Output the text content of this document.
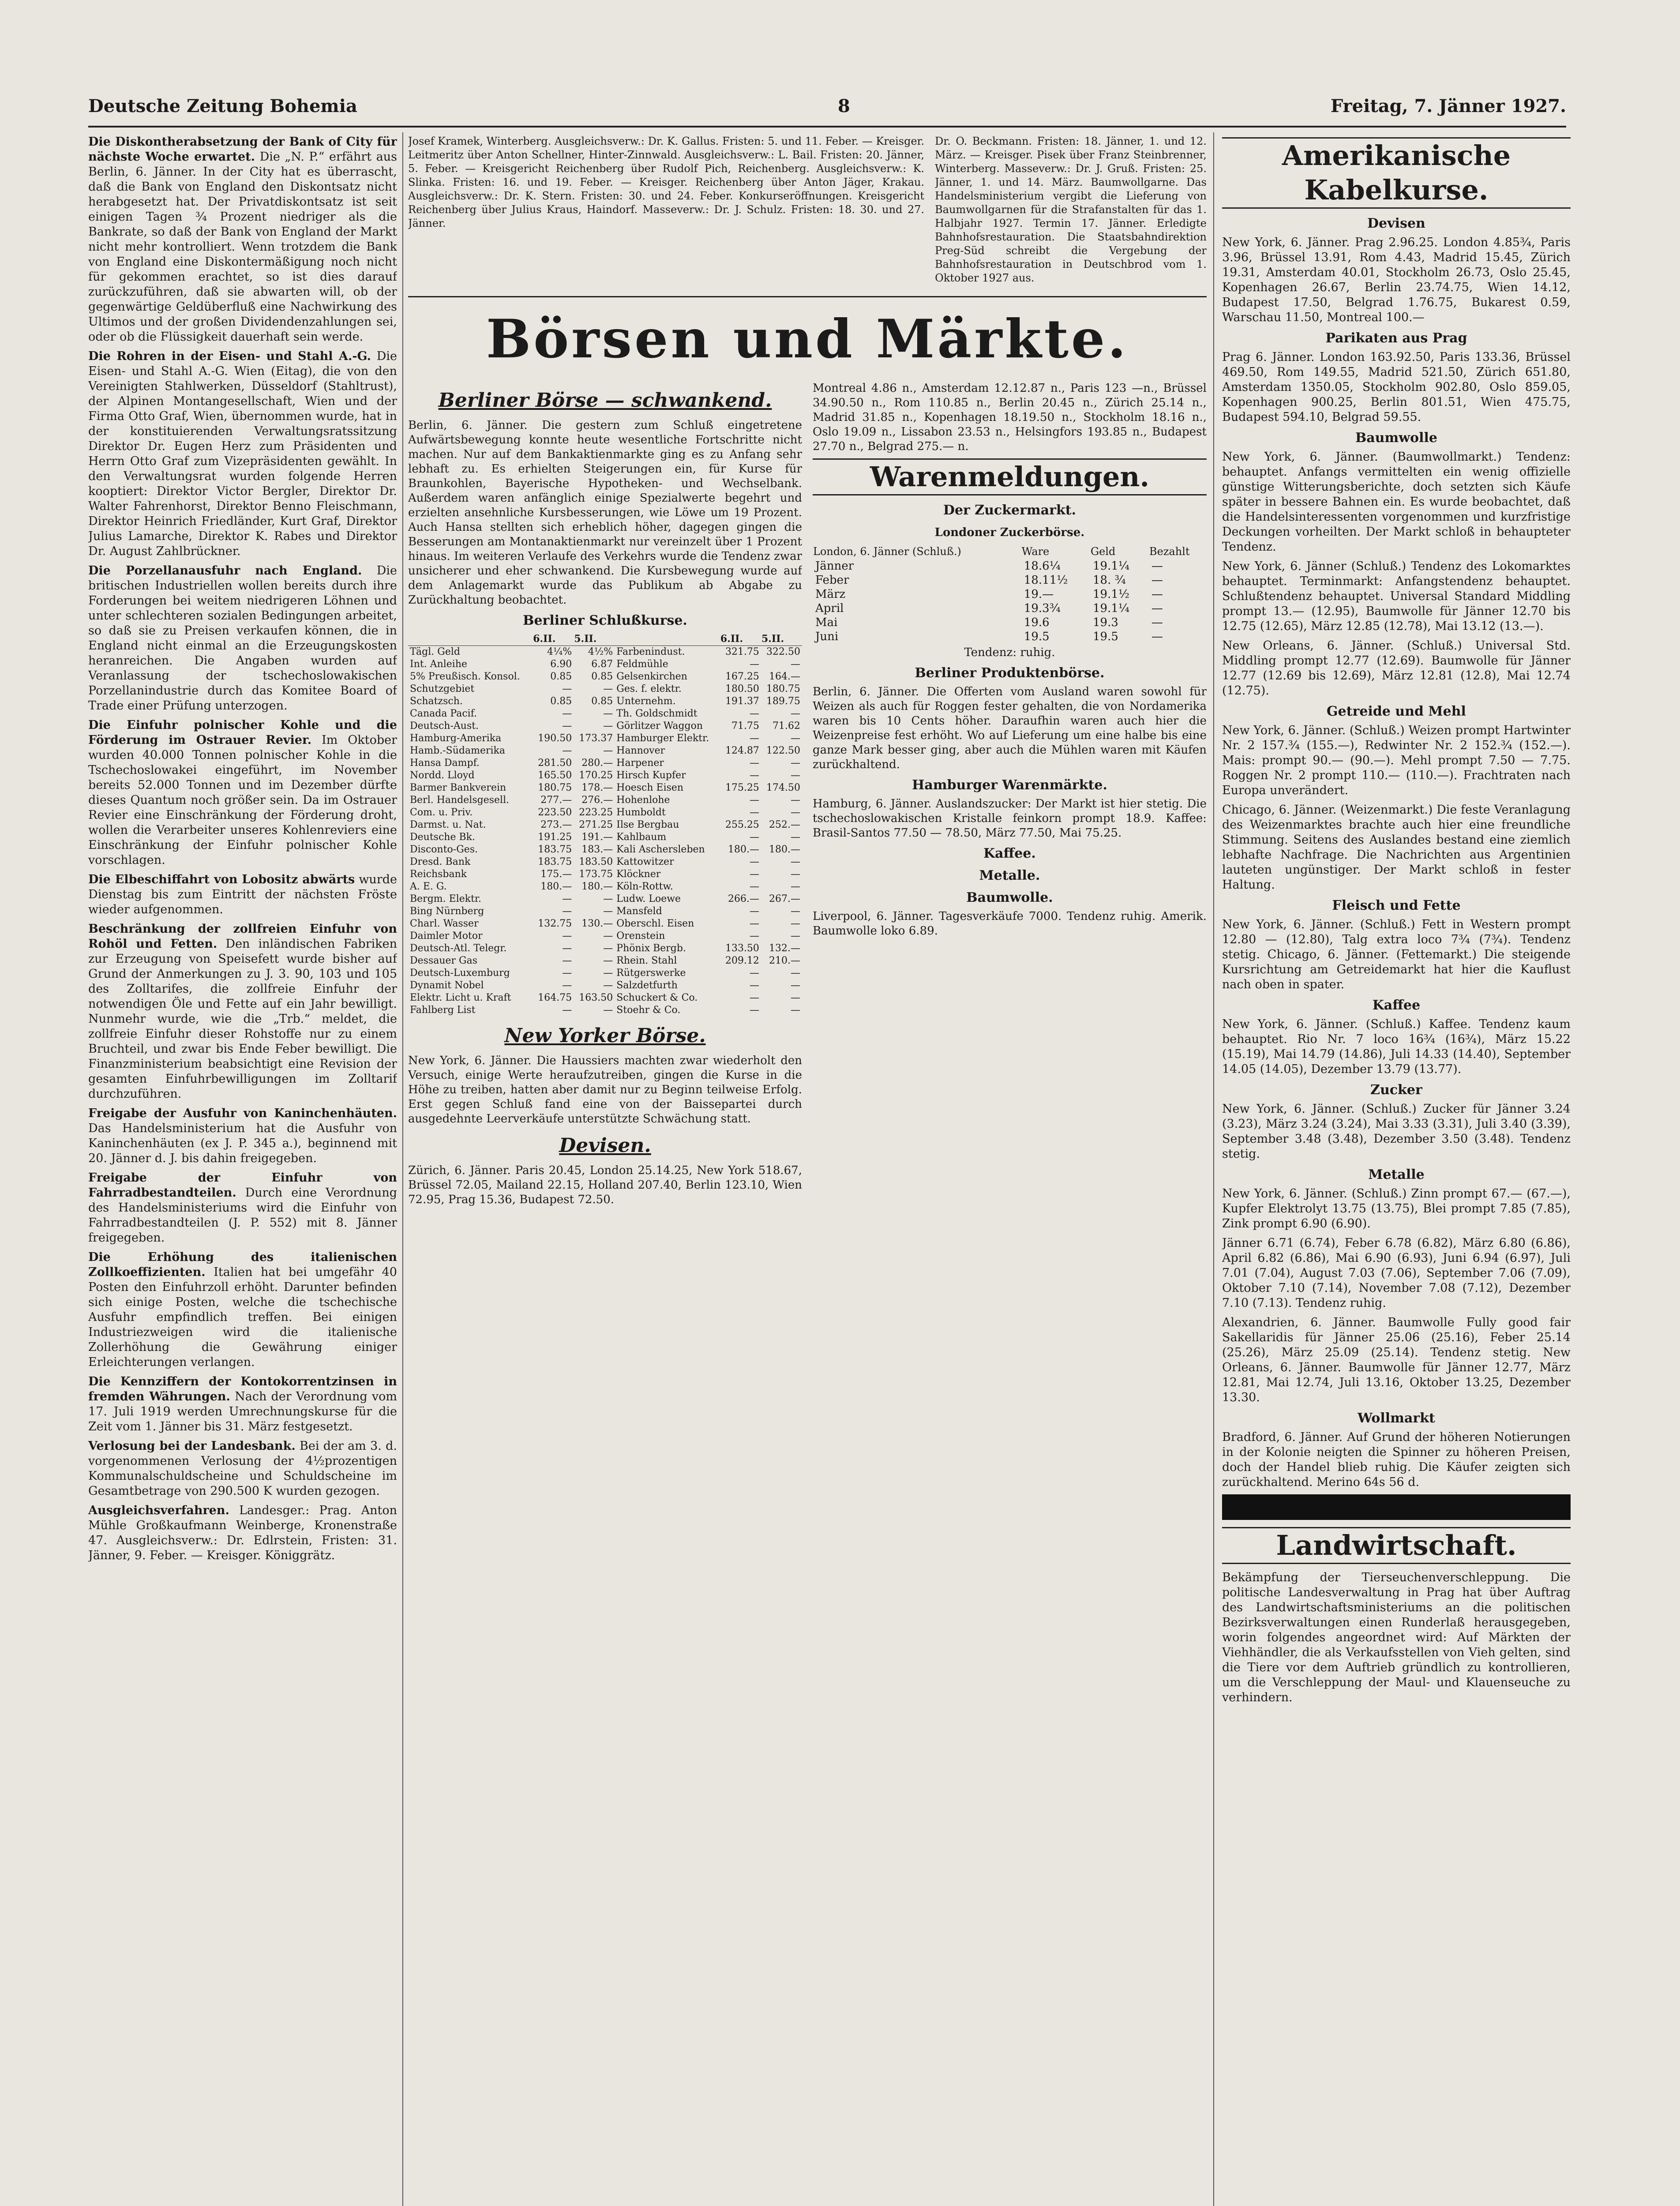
Deutsche Zeitung Bohemia	8	Freitag, 7. Jänner 1927.
Die Diskontherabsetzung der Bank of City für nächste Woche erwartet. Die „N. P.“ erfährt aus Berlin, 6. Jänner. In der City hat es überrascht, daß die Bank von England den Diskontsatz nicht herabgesetzt hat. Der Privatdiskontsatz ist seit einigen Tagen ¾ Prozent niedriger als die Bankrate, so daß der Bank von England der Markt nicht mehr kontrolliert. Wenn trotzdem die Bank von England eine Diskontermäßigung noch nicht für gekommen erachtet, so ist dies darauf zurückzuführen, daß sie abwarten will, ob der gegenwärtige Geldüberfluß eine Nachwirkung des Ultimos und der großen Dividendenzahlungen sei, oder ob die Flüssigkeit dauerhaft sein werde.
Die Rohren in der Eisen- und Stahl A.-G. Die Eisen- und Stahl A.-G. Wien (Eitag), die von den Vereinigten Stahlwerken, Düsseldorf (Stahltrust), der Alpinen Montangesellschaft, Wien und der Firma Otto Graf, Wien, übernommen wurde, hat in der konstituierenden Verwaltungsratssitzung Direktor Dr. Eugen Herz zum Präsidenten und Herrn Otto Graf zum Vizepräsidenten gewählt. In den Verwaltungsrat wurden folgende Herren kooptiert: Direktor Victor Bergler, Direktor Dr. Walter Fahrenhorst, Direktor Benno Fleischmann, Direktor Heinrich Friedländer, Kurt Graf, Direktor Julius Lamarche, Direktor K. Rabes und Direktor Dr. August Zahlbrückner.
Die Porzellanausfuhr nach England. Die britischen Industriellen wollen bereits durch ihre Forderungen bei weitem niedrigeren Löhnen und unter schlechteren sozialen Bedingungen arbeitet, so daß sie zu Preisen verkaufen können, die in England nicht einmal an die Erzeugungskosten heranreichen. Die Angaben wurden auf Veranlassung der tschechoslowakischen Porzellanindustrie durch das Komitee Board of Trade einer Prüfung unterzogen.
Die Einfuhr polnischer Kohle und die Förderung im Ostrauer Revier. Im Oktober wurden 40.000 Tonnen polnischer Kohle in die Tschechoslowakei eingeführt, im November bereits 52.000 Tonnen und im Dezember dürfte dieses Quantum noch größer sein. Da im Ostrauer Revier eine Einschränkung der Förderung droht, wollen die Verarbeiter unseres Kohlenreviers eine Einschränkung der Einfuhr polnischer Kohle vorschlagen.
Die Elbeschiffahrt von Lobositz abwärts wurde Dienstag bis zum Eintritt der nächsten Fröste wieder aufgenommen.
Beschränkung der zollfreien Einfuhr von Rohöl und Fetten. Den inländischen Fabriken zur Erzeugung von Speisefett wurde bisher auf Grund der Anmerkungen zu J. 3. 90, 103 und 105 des Zolltarifes, die zollfreie Einfuhr der notwendigen Öle und Fette auf ein Jahr bewilligt. Nunmehr wurde, wie die „Trb.“ meldet, die zollfreie Einfuhr dieser Rohstoffe nur zu einem Bruchteil, und zwar bis Ende Feber bewilligt. Die Finanzministerium beabsichtigt eine Revision der gesamten Einfuhrbewilligungen im Zolltarif durchzuführen.
Freigabe der Ausfuhr von Kaninchenhäuten. Das Handelsministerium hat die Ausfuhr von Kaninchenhäuten (ex J. P. 345 a.), beginnend mit 20. Jänner d. J. bis dahin freigegeben.
Freigabe der Einfuhr von Fahrradbestandteilen. Durch eine Verordnung des Handelsministeriums wird die Einfuhr von Fahrradbestandteilen (J. P. 552) mit 8. Jänner freigegeben.
Die Erhöhung des italienischen Zollkoeffizienten. Italien hat bei umgefähr 40 Posten den Einfuhrzoll erhöht. Darunter befinden sich einige Posten, welche die tschechische Ausfuhr empfindlich treffen. Bei einigen Industriezweigen wird die italienische Zollerhöhung die Gewährung einiger Erleichterungen verlangen.
Die Kennziffern der Kontokorrentzinsen in fremden Währungen. Nach der Verordnung vom 17. Juli 1919 werden Umrechnungskurse für die Zeit vom 1. Jänner bis 31. März festgesetzt.
Verlosung bei der Landesbank. Bei der am 3. d. vorgenommenen Verlosung der 4½prozentigen Kommunalschuldscheine und Schuldscheine im Gesamtbetrage von 290.500 K wurden gezogen.
Ausgleichsverfahren. Landesger.: Prag. Anton Mühle Großkaufmann Weinberge, Kronenstraße 47. Ausgleichsverw.: Dr. Edlrstein, Fristen: 31. Jänner, 9. Feber. — Kreisger. Königgrätz.
Josef Kramek, Winterberg. Ausgleichsverw.: Dr. K. Gallus. Fristen: 5. und 11. Feber. — Kreisger. Leitmeritz über Anton Schellner, Hinter-Zinnwald. Ausgleichsverw.: L. Bail. Fristen: 20. Jänner, 5. Feber. — Kreisgericht Reichenberg über Rudolf Pich, Reichenberg. Ausgleichsverw.: K. Slinka. Fristen: 16. und 19. Feber. — Kreisger. Reichenberg über Anton Jäger, Krakau. Ausgleichsverw.: Dr. K. Stern. Fristen: 30. und 24. Feber. Konkurseröffnungen. Kreisgericht Reichenberg über Julius Kraus, Haindorf. Masseverw.: Dr. J. Schulz. Fristen: 18. 30. und 27. Jänner.
Dr. O. Beckmann. Fristen: 18. Jänner, 1. und 12. März. — Kreisger. Pisek über Franz Steinbrenner, Winterberg. Masseverw.: Dr. J. Gruß. Fristen: 25. Jänner, 1. und 14. März. Baumwollgarne. Das Handelsministerium vergibt die Lieferung von Baumwollgarnen für die Strafanstalten für das 1. Halbjahr 1927. Termin 17. Jänner. Erledigte Bahnhofsrestauration. Die Staatsbahndirektion Preg-Süd schreibt die Vergebung der Bahnhofsrestauration in Deutschbrod vom 1. Oktober 1927 aus.
Börsen und Märkte.
Berliner Börse — schwankend.
Berlin, 6. Jänner. Die gestern zum Schluß eingetretene Aufwärtsbewegung konnte heute wesentliche Fortschritte nicht machen. Nur auf dem Bankaktienmarkte ging es zu Anfang sehr lebhaft zu. Es erhielten Steigerungen ein, für Kurse für Braunkohlen, Bayerische Hypotheken- und Wechselbank. Außerdem waren anfänglich einige Spezialwerte begehrt und erzielten ansehnliche Kursbesserungen, wie Löwe um 19 Prozent. Auch Hansa stellten sich erheblich höher, dagegen gingen die Besserungen am Montanaktienmarkt nur vereinzelt über 1 Prozent hinaus. Im weiteren Verlaufe des Verkehrs wurde die Tendenz zwar unsicherer und eher schwankend. Die Kursbewegung wurde auf dem Anlagemarkt wurde das Publikum ab Abgabe zu Zurückhaltung beobachtet.
Berliner Schlußkurse.
	6.II.	5.II.		6.II.	5.II.
Tägl. Geld	4¼%	4½%	Farbenindust.	321.75	322.50
Int. Anleihe	6.90	6.87	Feldmühle	—	—
5% Preußisch. Konsol.	0.85	0.85	Gelsenkirchen	167.25	164.—
Schutzgebiet	—	—	Ges. f. elektr.	180.50	180.75
Schatzsch.	0.85	0.85	Unternehm.	191.37	189.75
Canada Pacif.	—	—	Th. Goldschmidt	—	—
Deutsch-Aust.	—	—	Görlitzer Waggon	71.75	71.62
Hamburg-Amerika	190.50	173.37	Hamburger Elektr.	—	—
Hamb.-Südamerika	—	—	Hannover	124.87	122.50
Hansa Dampf.	281.50	280.—	Harpener	—	—
Nordd. Lloyd	165.50	170.25	Hirsch Kupfer	—	—
Barmer Bankverein	180.75	178.—	Hoesch Eisen	175.25	174.50
Berl. Handelsgesell.	277.—	276.—	Hohenlohe	—	—
Com. u. Priv.	223.50	223.25	Humboldt	—	—
Darmst. u. Nat.	273.—	271.25	Ilse Bergbau	255.25	252.—
Deutsche Bk.	191.25	191.—	Kahlbaum	—	—
Disconto-Ges.	183.75	183.—	Kali Aschersleben	180.—	180.—
Dresd. Bank	183.75	183.50	Kattowitzer	—	—
Reichsbank	175.—	173.75	Klöckner	—	—
A. E. G.	180.—	180.—	Köln-Rottw.	—	—
Bergm. Elektr.	—	—	Ludw. Loewe	266.—	267.—
Bing Nürnberg	—	—	Mansfeld	—	—
Charl. Wasser	132.75	130.—	Oberschl. Eisen	—	—
Daimler Motor	—	—	Orenstein	—	—
Deutsch-Atl. Telegr.	—	—	Phönix Bergb.	133.50	132.—
Dessauer Gas	—	—	Rhein. Stahl	209.12	210.—
Deutsch-Luxemburg	—	—	Rütgerswerke	—	—
Dynamit Nobel	—	—	Salzdetfurth	—	—
Elektr. Licht u. Kraft	164.75	163.50	Schuckert & Co.	—	—
Fahlberg List	—	—	Stoehr & Co.	—	—
New Yorker Börse.
New York, 6. Jänner. Die Haussiers machten zwar wiederholt den Versuch, einige Werte heraufzutreiben, gingen die Kurse in die Höhe zu treiben, hatten aber damit nur zu Beginn teilweise Erfolg. Erst gegen Schluß fand eine von der Baissepartei durch ausgedehnte Leerverkäufe unterstützte Schwächung statt.
Devisen.
Zürich, 6. Jänner. Paris 20.45, London 25.14.25, New York 518.67, Brüssel 72.05, Mailand 22.15, Holland 207.40, Berlin 123.10, Wien 72.95, Prag 15.36, Budapest 72.50.
Montreal 4.86 n., Amsterdam 12.12.87 n., Paris 123 —n., Brüssel 34.90.50 n., Rom 110.85 n., Berlin 20.45 n., Zürich 25.14 n., Madrid 31.85 n., Kopenhagen 18.19.50 n., Stockholm 18.16 n., Oslo 19.09 n., Lissabon 23.53 n., Helsingfors 193.85 n., Budapest 27.70 n., Belgrad 275.— n.
Warenmeldungen.
Der Zuckermarkt.
Londoner Zuckerbörse.
London, 6. Jänner (Schluß.)	Ware	Geld	Bezahlt
Jänner	18.6¼	19.1¼	—
Feber	18.11½	18. ¾	—
März	19.—	19.1½	—
April	19.3¾	19.1¼	—
Mai	19.6	19.3	—
Juni	19.5	19.5	—
Tendenz: ruhig.
Berliner Produktenbörse.
Berlin, 6. Jänner. Die Offerten vom Ausland waren sowohl für Weizen als auch für Roggen fester gehalten, die von Nordamerika waren bis 10 Cents höher. Daraufhin waren auch hier die Weizenpreise fest erhöht. Wo auf Lieferung um eine halbe bis eine ganze Mark besser ging, aber auch die Mühlen waren mit Käufen zurückhaltend.
Hamburger Warenmärkte.
Hamburg, 6. Jänner. Auslandszucker: Der Markt ist hier stetig. Die tschechoslowakischen Kristalle feinkorn prompt 18.9. Kaffee: Brasil-Santos 77.50 — 78.50, März 77.50, Mai 75.25.
Kaffee.
Metalle.
Baumwolle.
Liverpool, 6. Jänner. Tagesverkäufe 7000. Tendenz ruhig. Amerik. Baumwolle loko 6.89.
Amerikanische Kabelkurse.
Devisen
New York, 6. Jänner. Prag 2.96.25. London 4.85¾, Paris 3.96, Brüssel 13.91, Rom 4.43, Madrid 15.45, Zürich 19.31, Amsterdam 40.01, Stockholm 26.73, Oslo 25.45, Kopenhagen 26.67, Berlin 23.74.75, Wien 14.12, Budapest 17.50, Belgrad 1.76.75, Bukarest 0.59, Warschau 11.50, Montreal 100.—
Parikaten aus Prag
Prag 6. Jänner. London 163.92.50, Paris 133.36, Brüssel 469.50, Rom 149.55, Madrid 521.50, Zürich 651.80, Amsterdam 1350.05, Stockholm 902.80, Oslo 859.05, Kopenhagen 900.25, Berlin 801.51, Wien 475.75, Budapest 594.10, Belgrad 59.55.
Baumwolle
New York, 6. Jänner. (Baumwollmarkt.) Tendenz: behauptet. Anfangs vermittelten ein wenig offizielle günstige Witterungsberichte, doch setzten sich Käufe später in bessere Bahnen ein. Es wurde beobachtet, daß die Handelsinteressenten vorgenommen und kurzfristige Deckungen vorheilten. Der Markt schloß in behaupteter Tendenz.
New York, 6. Jänner (Schluß.) Tendenz des Lokomarktes behauptet. Terminmarkt: Anfangstendenz behauptet. Schlußtendenz behauptet. Universal Standard Middling prompt 13.— (12.95), Baumwolle für Jänner 12.70 bis 12.75 (12.65), März 12.85 (12.78), Mai 13.12 (13.—).
New Orleans, 6. Jänner. (Schluß.) Universal Std. Middling prompt 12.77 (12.69). Baumwolle für Jänner 12.77 (12.69 bis 12.69), März 12.81 (12.8), Mai 12.74 (12.75).
Getreide und Mehl
New York, 6. Jänner. (Schluß.) Weizen prompt Hartwinter Nr. 2 157.¾ (155.—), Redwinter Nr. 2 152.¾ (152.—). Mais: prompt 90.— (90.—). Mehl prompt 7.50 — 7.75. Roggen Nr. 2 prompt 110.— (110.—). Frachtraten nach Europa unverändert.
Chicago, 6. Jänner. (Weizenmarkt.) Die feste Veranlagung des Weizenmarktes brachte auch hier eine freundliche Stimmung. Seitens des Auslandes bestand eine ziemlich lebhafte Nachfrage. Die Nachrichten aus Argentinien lauteten ungünstiger. Der Markt schloß in fester Haltung.
Fleisch und Fette
New York, 6. Jänner. (Schluß.) Fett in Western prompt 12.80 — (12.80), Talg extra loco 7¾ (7¾). Tendenz stetig. Chicago, 6. Jänner. (Fettemarkt.) Die steigende Kursrichtung am Getreidemarkt hat hier die Kauflust nach oben in spater.
Kaffee
New York, 6. Jänner. (Schluß.) Kaffee. Tendenz kaum behauptet. Rio Nr. 7 loco 16¾ (16¾), März 15.22 (15.19), Mai 14.79 (14.86), Juli 14.33 (14.40), September 14.05 (14.05), Dezember 13.79 (13.77).
Zucker
New York, 6. Jänner. (Schluß.) Zucker für Jänner 3.24 (3.23), März 3.24 (3.24), Mai 3.33 (3.31), Juli 3.40 (3.39), September 3.48 (3.48), Dezember 3.50 (3.48). Tendenz stetig.
Metalle
New York, 6. Jänner. (Schluß.) Zinn prompt 67.— (67.—), Kupfer Elektrolyt 13.75 (13.75), Blei prompt 7.85 (7.85), Zink prompt 6.90 (6.90).
Jänner 6.71 (6.74), Feber 6.78 (6.82), März 6.80 (6.86), April 6.82 (6.86), Mai 6.90 (6.93), Juni 6.94 (6.97), Juli 7.01 (7.04), August 7.03 (7.06), September 7.06 (7.09), Oktober 7.10 (7.14), November 7.08 (7.12), Dezember 7.10 (7.13). Tendenz ruhig.
Alexandrien, 6. Jänner. Baumwolle Fully good fair Sakellaridis für Jänner 25.06 (25.16), Feber 25.14 (25.26), März 25.09 (25.14). Tendenz stetig. New Orleans, 6. Jänner. Baumwolle für Jänner 12.77, März 12.81, Mai 12.74, Juli 13.16, Oktober 13.25, Dezember 13.30.
Wollmarkt
Bradford, 6. Jänner. Auf Grund der höheren Notierungen in der Kolonie neigten die Spinner zu höheren Preisen, doch der Handel blieb ruhig. Die Käufer zeigten sich zurückhaltend. Merino 64s 56 d.
Landwirtschaft.
Bekämpfung der Tierseuchenverschleppung. Die politische Landesverwaltung in Prag hat über Auftrag des Landwirtschaftsministeriums an die politischen Bezirksverwaltungen einen Runderlaß herausgegeben, worin folgendes angeordnet wird: Auf Märkten der Viehhändler, die als Verkaufsstellen von Vieh gelten, sind die Tiere vor dem Auftrieb gründlich zu kontrollieren, um die Verschleppung der Maul- und Klauenseuche zu verhindern.
